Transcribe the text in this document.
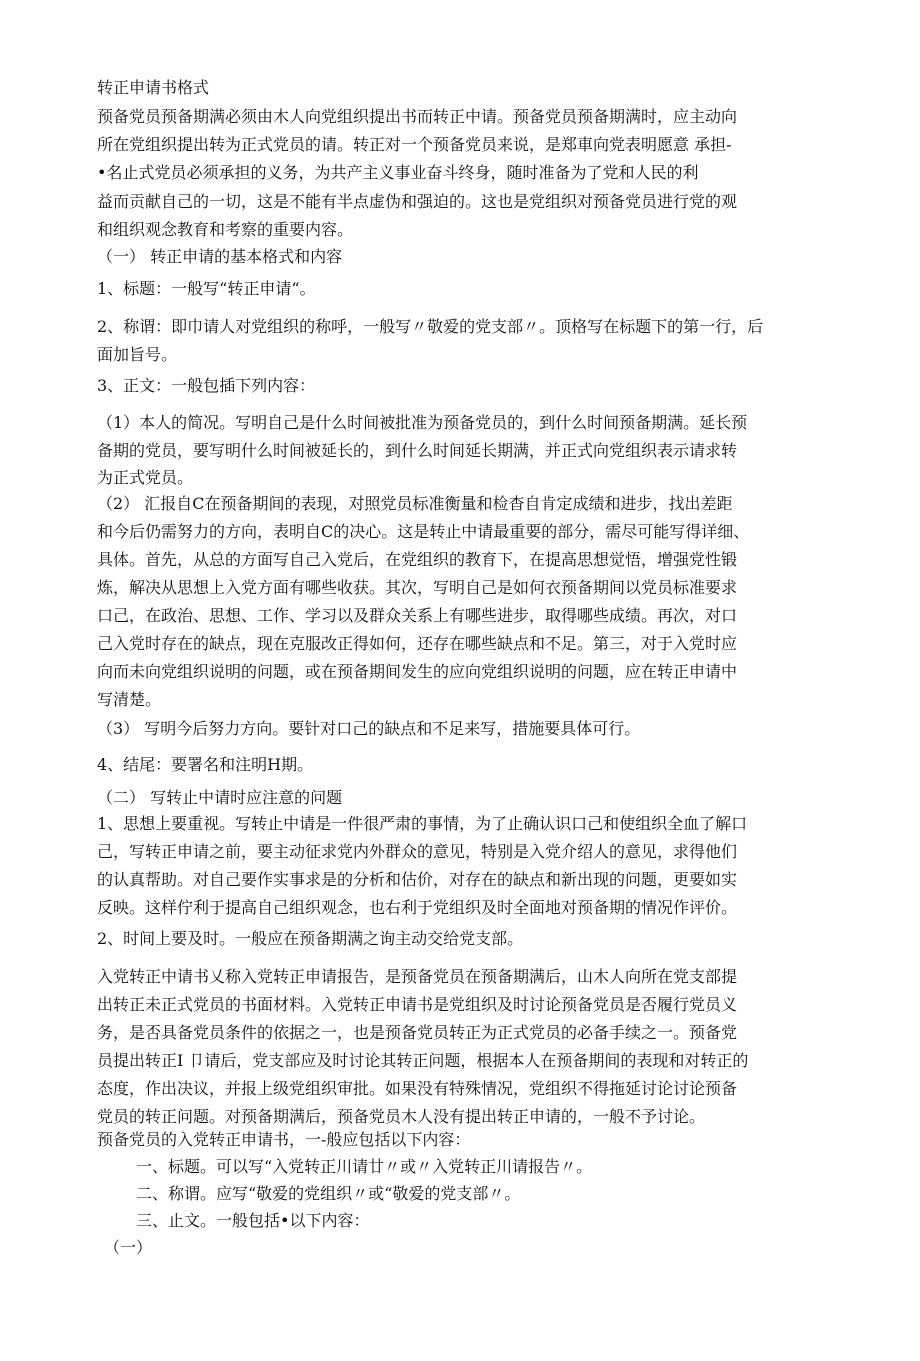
转正申请书格式

预备党员预备期满必须由木人向党组织提出书而转正中请。预备党员预备期满时，应主动向

所在党组织提出转为正式党员的请。转正对一个预备党员来说，是郑車向党表明愿意 承担-

•名止式党员必须承担的义务，为共产主义事业奋斗终身，随时准备为了党和人民的利

益而贡献自己的一切，这是不能有半点虚伪和强迫的。这也是党组织对预备党员进行党的观

和组织观念教育和考察的重要内容。

（一） 转正申请的基本格式和内容

1、标题：一般写“转正申请“。

2、称谓：即巾请人对党组织的称呼，一般写〃敬爱的党支部〃。顶格写在标题下的第一行，后

面加旨号。

3、正文：一般包插下列内容：

（1）本人的简况。写明自己是什么时间被批准为预备党员的，到什么时间预备期满。延长预

备期的党员，要写明什么时间被延长的，到什么时间延长期满，并正式向党组织表示请求转

为正式党员。

（2） 汇报自C在预备期间的表现，对照党员标准衡量和检杳自肯定成绩和进步，找出差距

和今后仍需努力的方向，表明自C的决心。这是转止中请最重要的部分，需尽可能写得详细、

具体。首先，从总的方面写自己入党后，在党组织的教育下，在提高思想觉悟，增强党性锻

炼，解决从思想上入党方面有哪些收获。其次，写明自己是如何衣预备期间以党员标准要求

口己，在政治、思想、工作、学习以及群众关系上有哪些进步，取得哪些成绩。再次，对口

己入党时存在的缺点，现在克服改正得如何，还存在哪些缺点和不足。第三，对于入党时应

向而未向党组织说明的问题，或在预备期间发生的应向党组织说明的问题，应在转正申请中

写清楚。

（3） 写明今后努力方向。要针对口己的缺点和不足来写，措施要具体可行。

4、结尾：要署名和注明H期。

（二） 写转止中请时应注意的问题

1、思想上要重视。写转止中请是一件很严肃的事情，为了止确认识口己和使组织全血了解口

己，写转正申请之前，要主动征求党内外群众的意见，特别是入党介绍人的意见，求得他们

的认真帮助。对自己要作实事求是的分析和估价，对存在的缺点和新出现的问题，更要如实

反映。这样佇利于提高自己组织观念，也右利于党组织及时全面地对预备期的情况作评价。

2、时间上要及时。一般应在预备期满之询主动交给党支部。

入党转正中请书乂称入党转正申请报告，是预备党员在预备期满后，山木人向所在党支部提

出转正未正式党员的书面材料。入党转正申请书是党组织及时讨论预备党员是否履行党员义

务，是否具备党员条件的依据之一，也是预备党员转正为正式党员的必备手续之一。预备党

员提出转正I 卩请后，党支部应及时讨论其转正问题，根据本人在预备期间的表现和对转正的

态度，作出决议，并报上级党组织审批。如果没有特殊情况，党组织不得拖延讨论讨论预备

党员的转正问题。对预备期满后，预备党员木人没有提出转正申请的，一般不予讨论。

预备党员的入党转正申请书，一-般应包括以下内容：

一、标题。可以写“入党转正川请廿〃或〃入党转正川请报告〃。

二、称谓。应写“敬爱的党组织〃或“敬爱的党支部〃。

三、止文。一般包括•以下内容：

（一）
